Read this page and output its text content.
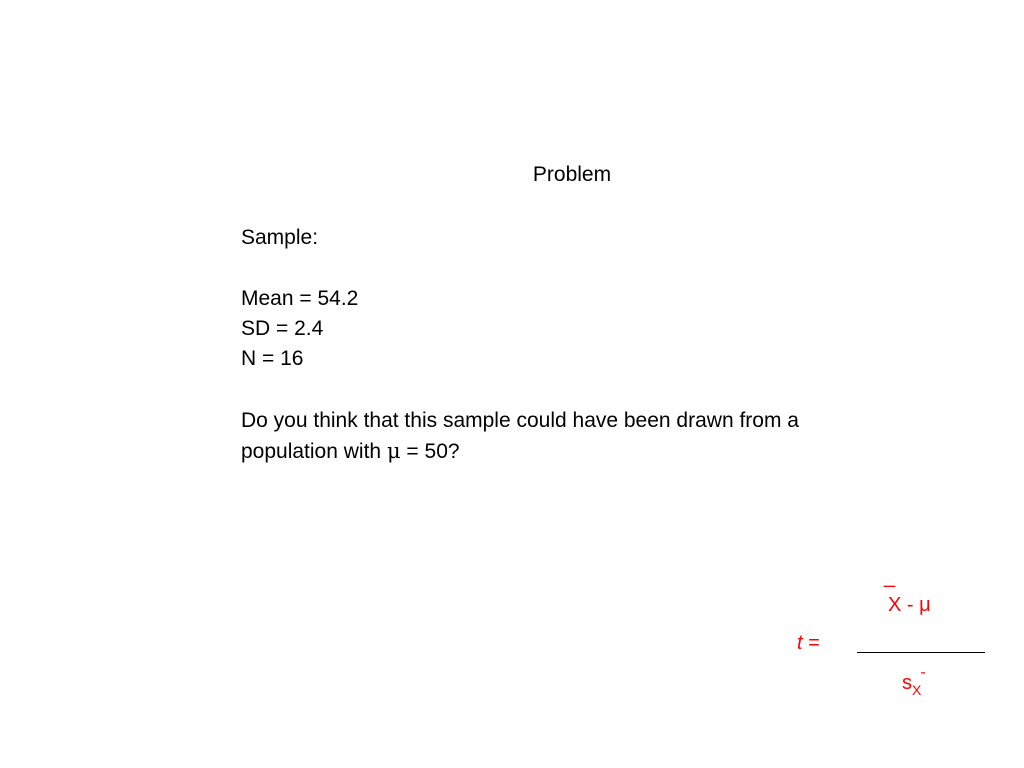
Problem
Sample:
Mean = 54.2
SD = 2.4
N = 16
Do you think that this sample could have been drawn from a population with μ = 50?
t =
_
X - μ
$s_X^-$
